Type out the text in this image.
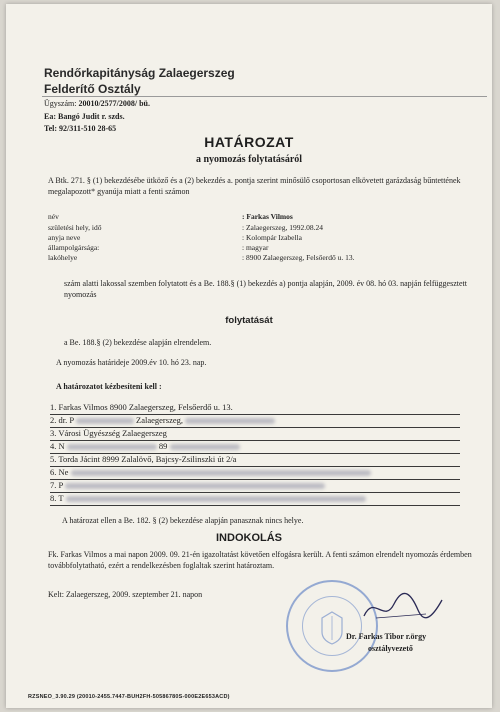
Rendőrkapitányság Zalaegerszeg
Felderítő Osztály
Ügyszám: 20010/2577/2008/ bü.
Ea: Bangó Judit r. szds.
Tel: 92/311-510 28-65
HATÁROZAT
a nyomozás folytatásáról
A Btk. 271. § (1) bekezdésébe ütköző és a (2) bekezdés a. pontja szerint minősülő csoportosan elkövetett garázdaság bűntettének megalapozott* gyanúja miatt a fenti számon
név	: Farkas Vilmos
születési hely, idő	: Zalaegerszeg, 1992.08.24
anyja neve	: Kolompár Izabella
állampolgársága:	: magyar
lakóhelye	: 8900 Zalaegerszeg, Felsőerdő u. 13.
szám alatti lakossal szemben folytatott és a Be. 188.§ (1) bekezdés a) pontja alapján, 2009. év 08. hó 03. napján felfüggesztett nyomozás
folytatását
a Be. 188.§ (2) bekezdése alapján elrendelem.
A nyomozás határideje 2009.év 10. hó 23. nap.
A határozatot kézbesíteni kell :
1. Farkas Vilmos 8900 Zalaegerszeg, Felsőerdő u. 13.
2. dr. P	Zalaegerszeg,
3. Városi Ügyészség Zalaegerszeg
4. N	89
5. Torda Jácint 8999 Zalalövő, Bajcsy-Zsilinszki út 2/a
6. Ne
7. P
8. T
A határozat ellen a Be. 182. § (2) bekezdése alapján panasznak nincs helye.
INDOKOLÁS
Fk. Farkas Vilmos a mai napon 2009. 09. 21-én igazoltatást követően elfogásra került. A fenti számon elrendelt nyomozás érdemben továbbfolytatható, ezért a rendelkezésben foglaltak szerint határoztam.
Kelt: Zalaegerszeg, 2009. szeptember 21. napon
Dr. Farkas Tibor r.örgy
osztályvezető
RZSNEO_3.90.29 (20010-2455.7447-BUH2FH-50586780S-000E2E653ACD)
